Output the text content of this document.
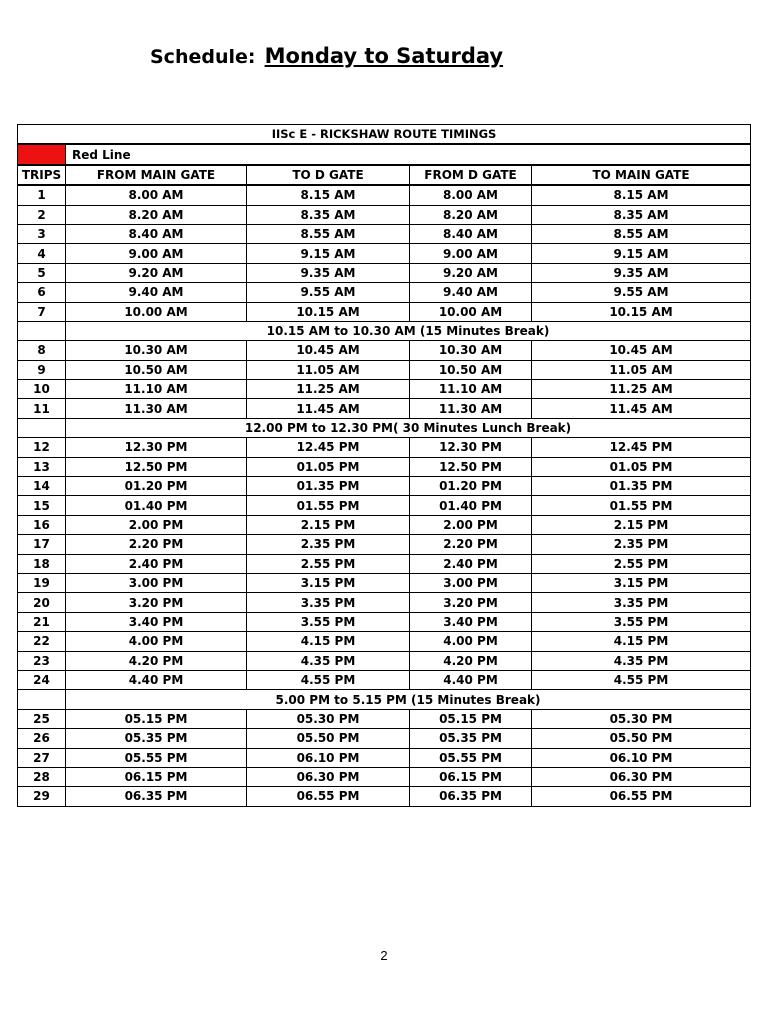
Schedule: Monday to Saturday
IISc E - RICKSHAW ROUTE TIMINGS				
	Red Line			
TRIPS	FROM MAIN GATE	TO D GATE	FROM D GATE	TO MAIN GATE
1	8.00 AM	8.15 AM	8.00 AM	8.15 AM
2	8.20 AM	8.35 AM	8.20 AM	8.35 AM
3	8.40 AM	8.55 AM	8.40 AM	8.55 AM
4	9.00 AM	9.15 AM	9.00 AM	9.15 AM
5	9.20 AM	9.35 AM	9.20 AM	9.35 AM
6	9.40 AM	9.55 AM	9.40 AM	9.55 AM
7	10.00 AM	10.15 AM	10.00 AM	10.15 AM
	10.15 AM to 10.30 AM (15 Minutes Break)			
8	10.30 AM	10.45 AM	10.30 AM	10.45 AM
9	10.50 AM	11.05 AM	10.50 AM	11.05 AM
10	11.10 AM	11.25 AM	11.10 AM	11.25 AM
11	11.30 AM	11.45 AM	11.30 AM	11.45 AM
	12.00 PM to 12.30 PM( 30 Minutes Lunch Break)			
12	12.30 PM	12.45 PM	12.30 PM	12.45 PM
13	12.50 PM	01.05 PM	12.50 PM	01.05 PM
14	01.20 PM	01.35 PM	01.20 PM	01.35 PM
15	01.40 PM	01.55 PM	01.40 PM	01.55 PM
16	2.00 PM	2.15 PM	2.00 PM	2.15 PM
17	2.20 PM	2.35 PM	2.20 PM	2.35 PM
18	2.40 PM	2.55 PM	2.40 PM	2.55 PM
19	3.00 PM	3.15 PM	3.00 PM	3.15 PM
20	3.20 PM	3.35 PM	3.20 PM	3.35 PM
21	3.40 PM	3.55 PM	3.40 PM	3.55 PM
22	4.00 PM	4.15 PM	4.00 PM	4.15 PM
23	4.20 PM	4.35 PM	4.20 PM	4.35 PM
24	4.40 PM	4.55 PM	4.40 PM	4.55 PM
	5.00 PM to 5.15 PM (15 Minutes Break)			
25	05.15 PM	05.30 PM	05.15 PM	05.30 PM
26	05.35 PM	05.50 PM	05.35 PM	05.50 PM
27	05.55 PM	06.10 PM	05.55 PM	06.10 PM
28	06.15 PM	06.30 PM	06.15 PM	06.30 PM
29	06.35 PM	06.55 PM	06.35 PM	06.55 PM
2
